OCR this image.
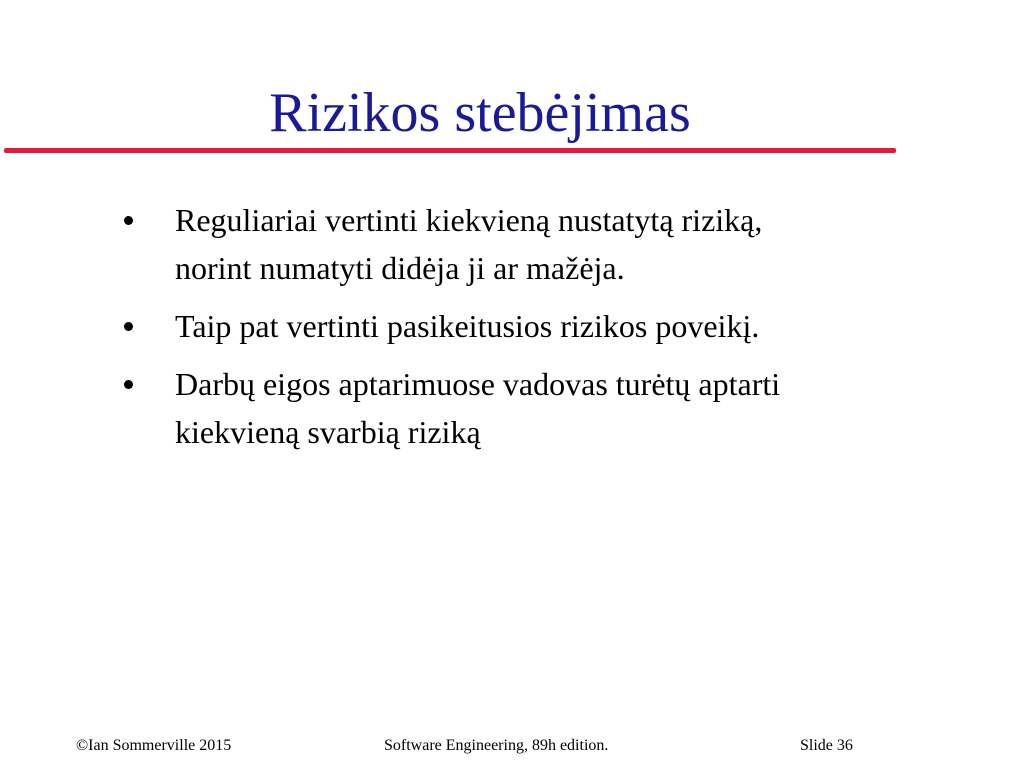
Rizikos stebėjimas
Reguliariai vertinti kiekvieną nustatytą riziką,
norint numatyti didėja ji ar mažėja.
Taip pat vertinti pasikeitusios rizikos poveikį.
Darbų eigos aptarimuose vadovas turėtų aptarti
kiekvieną svarbią riziką
©Ian Sommerville 2015	Software Engineering, 89h edition.	Slide 36
